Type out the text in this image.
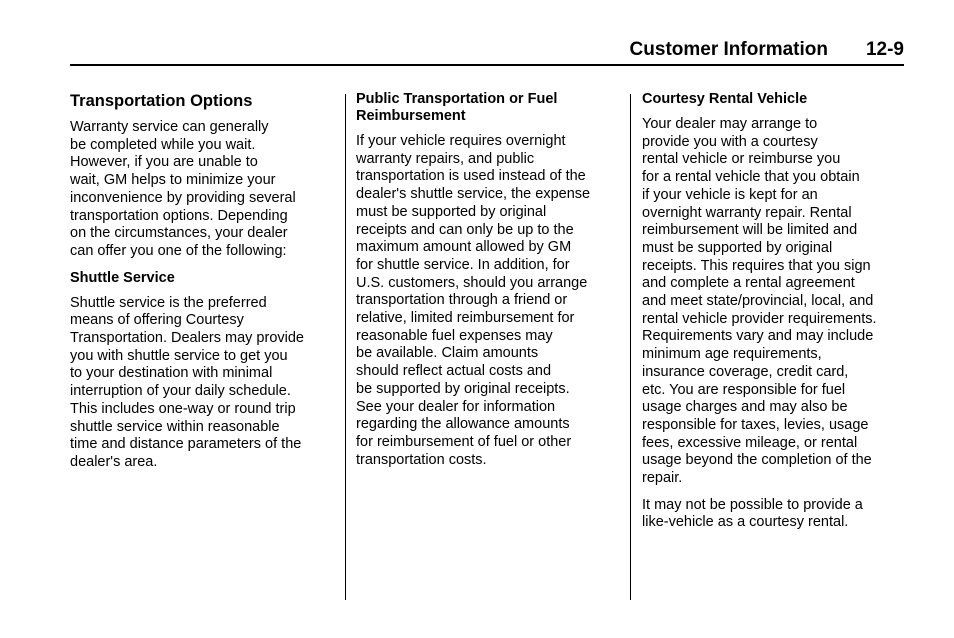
Customer Information 12-9
Transportation Options

Warranty service can generally
be completed while you wait.
However, if you are unable to
wait, GM helps to minimize your
inconvenience by providing several
transportation options. Depending
on the circumstances, your dealer
can offer you one of the following:

Shuttle Service

Shuttle service is the preferred
means of offering Courtesy
Transportation. Dealers may provide
you with shuttle service to get you
to your destination with minimal
interruption of your daily schedule.
This includes one-way or round trip
shuttle service within reasonable
time and distance parameters of the
dealer's area.

Public Transportation or Fuel
Reimbursement

If your vehicle requires overnight
warranty repairs, and public
transportation is used instead of the
dealer's shuttle service, the expense
must be supported by original
receipts and can only be up to the
maximum amount allowed by GM
for shuttle service. In addition, for
U.S. customers, should you arrange
transportation through a friend or
relative, limited reimbursement for
reasonable fuel expenses may
be available. Claim amounts
should reflect actual costs and
be supported by original receipts.
See your dealer for information
regarding the allowance amounts
for reimbursement of fuel or other
transportation costs.

Courtesy Rental Vehicle

Your dealer may arrange to
provide you with a courtesy
rental vehicle or reimburse you
for a rental vehicle that you obtain
if your vehicle is kept for an
overnight warranty repair. Rental
reimbursement will be limited and
must be supported by original
receipts. This requires that you sign
and complete a rental agreement
and meet state/provincial, local, and
rental vehicle provider requirements.
Requirements vary and may include
minimum age requirements,
insurance coverage, credit card,
etc. You are responsible for fuel
usage charges and may also be
responsible for taxes, levies, usage
fees, excessive mileage, or rental
usage beyond the completion of the
repair.

It may not be possible to provide a
like-vehicle as a courtesy rental.
